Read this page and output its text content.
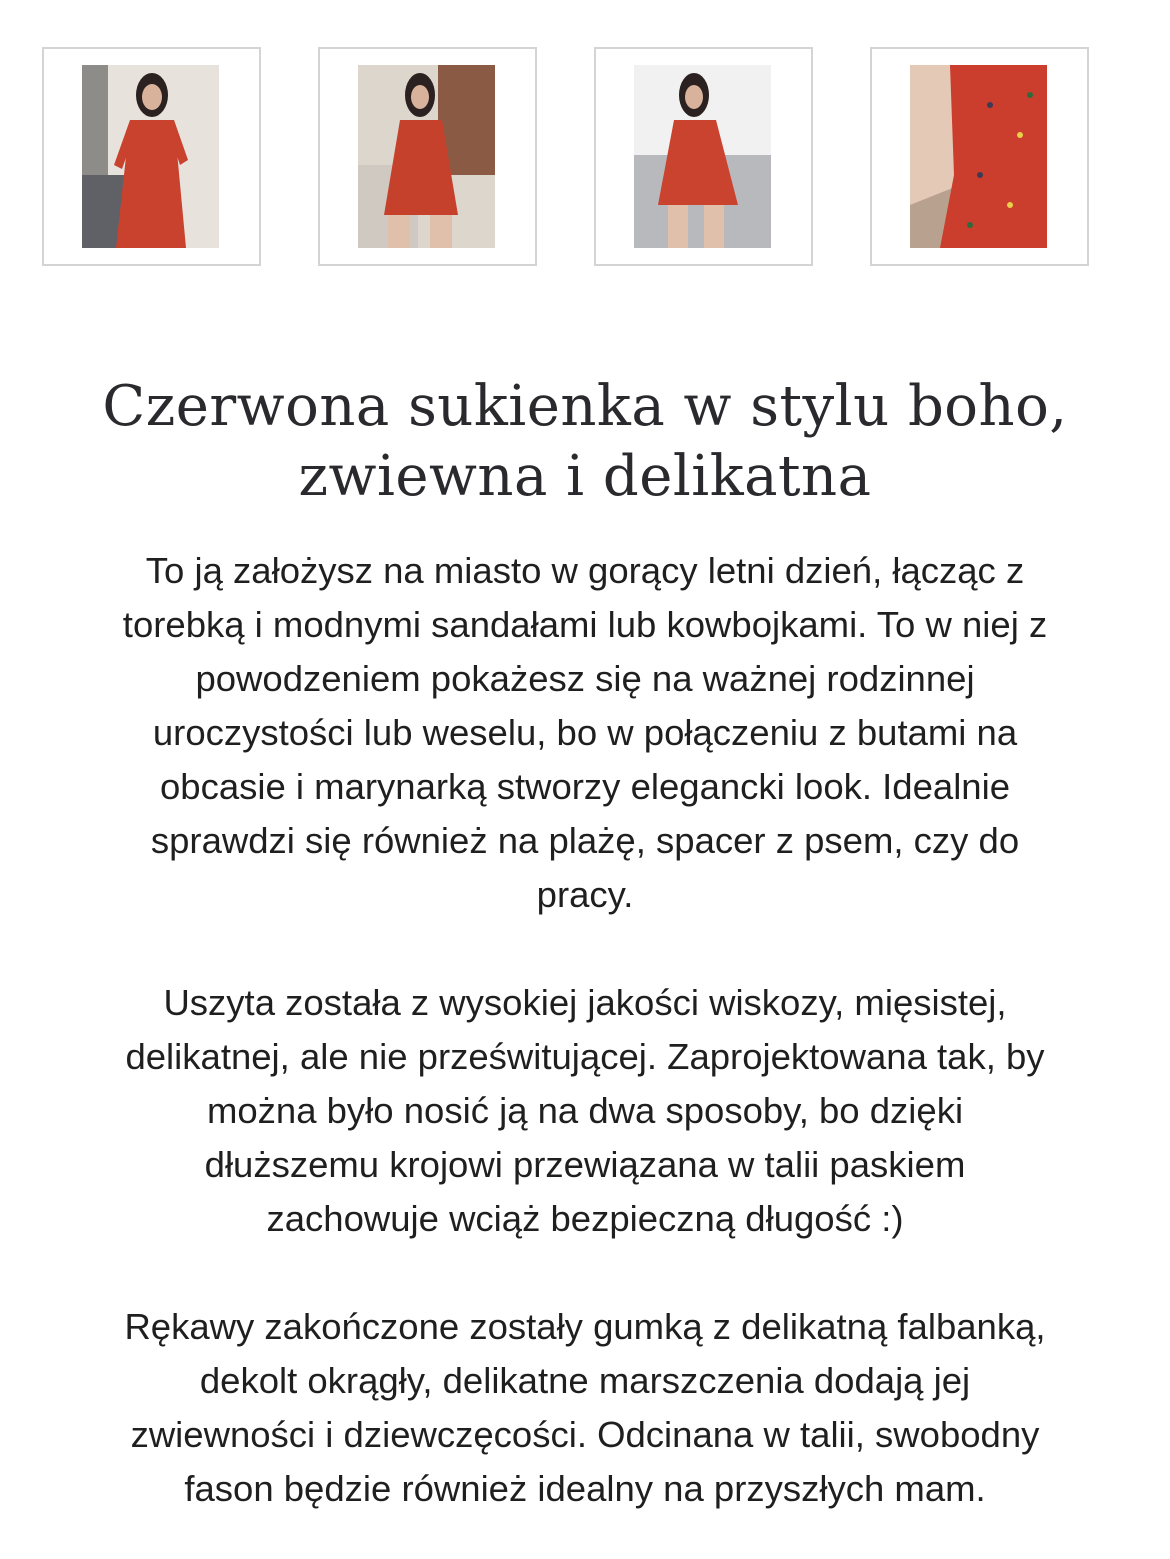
Czerwona sukienka w stylu boho,
zwiewna i delikatna

To ją założysz na miasto w gorący letni dzień, łącząc z
torebką i modnymi sandałami lub kowbojkami. To w niej z
powodzeniem pokażesz się na ważnej rodzinnej
uroczystości lub weselu, bo w połączeniu z butami na
obcasie i marynarką stworzy elegancki look. Idealnie
sprawdzi się również na plażę, spacer z psem, czy do
pracy.

Uszyta została z wysokiej jakości wiskozy, mięsistej,
delikatnej, ale nie prześwitującej. Zaprojektowana tak, by
można było nosić ją na dwa sposoby, bo dzięki
dłuższemu krojowi przewiązana w talii paskiem
zachowuje wciąż bezpieczną długość :)

Rękawy zakończone zostały gumką z delikatną falbanką,
dekolt okrągły, delikatne marszczenia dodają jej
zwiewności i dziewczęcości. Odcinana w talii, swobodny
fason będzie również idealny na przyszłych mam.
